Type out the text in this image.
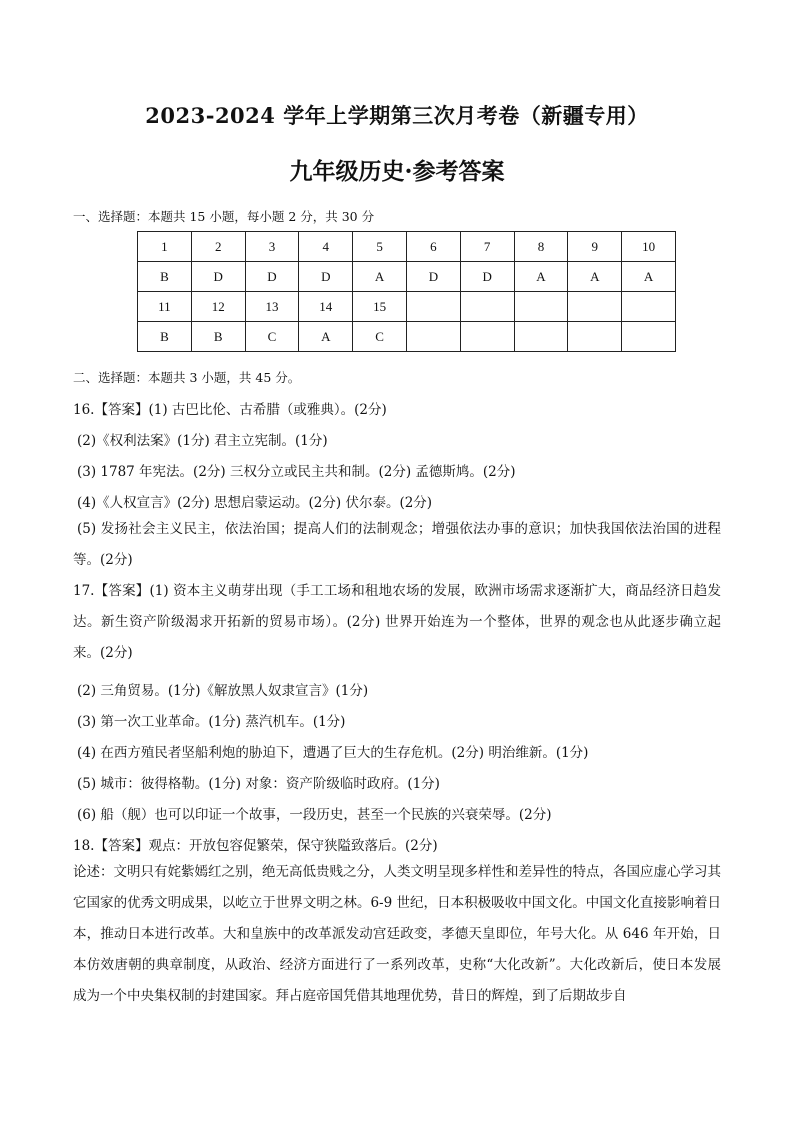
2023-2024 学年上学期第三次月考卷（新疆专用）
九年级历史·参考答案
一、选择题：本题共 15 小题，每小题 2 分，共 30 分
1	2	3	4	5	6	7	8	9	10
B	D	D	D	A	D	D	A	A	A
11	12	13	14	15					
B	B	C	A	C					
二、选择题：本题共 3 小题，共 45 分。
16.【答案】(1) 古巴比伦、古希腊（或雅典）。(2分)
(2)《权利法案》(1分) 君主立宪制。(1分)
(3) 1787 年宪法。(2分) 三权分立或民主共和制。(2分) 孟德斯鸠。(2分)
(4)《人权宣言》(2分) 思想启蒙运动。(2分) 伏尔泰。(2分)
(5) 发扬社会主义民主，依法治国；提高人们的法制观念；增强依法办事的意识；加快我国依法治国的进程等。(2分)
17.【答案】(1) 资本主义萌芽出现（手工工场和租地农场的发展，欧洲市场需求逐渐扩大，商品经济日趋发达。新生资产阶级渴求开拓新的贸易市场）。(2分) 世界开始连为一个整体，世界的观念也从此逐步确立起来。(2分)
(2) 三角贸易。(1分)《解放黑人奴隶宣言》(1分)
(3) 第一次工业革命。(1分) 蒸汽机车。(1分)
(4) 在西方殖民者坚船利炮的胁迫下，遭遇了巨大的生存危机。(2分) 明治维新。(1分)
(5) 城市：彼得格勒。(1分) 对象：资产阶级临时政府。(1分)
(6) 船（舰）也可以印证一个故事，一段历史，甚至一个民族的兴衰荣辱。(2分)
18.【答案】观点：开放包容促繁荣，保守狭隘致落后。(2分)
论述：文明只有姹紫嫣红之别，绝无高低贵贱之分，人类文明呈现多样性和差异性的特点，各国应虚心学习其它国家的优秀文明成果，以屹立于世界文明之林。6-9 世纪，日本积极吸收中国文化。中国文化直接影响着日本，推动日本进行改革。大和皇族中的改革派发动宫廷政变，孝德天皇即位，年号大化。从 646 年开始，日本仿效唐朝的典章制度，从政治、经济方面进行了一系列改革，史称“大化改新”。大化改新后，使日本发展成为一个中央集权制的封建国家。拜占庭帝国凭借其地理优势，昔日的辉煌，到了后期故步自
